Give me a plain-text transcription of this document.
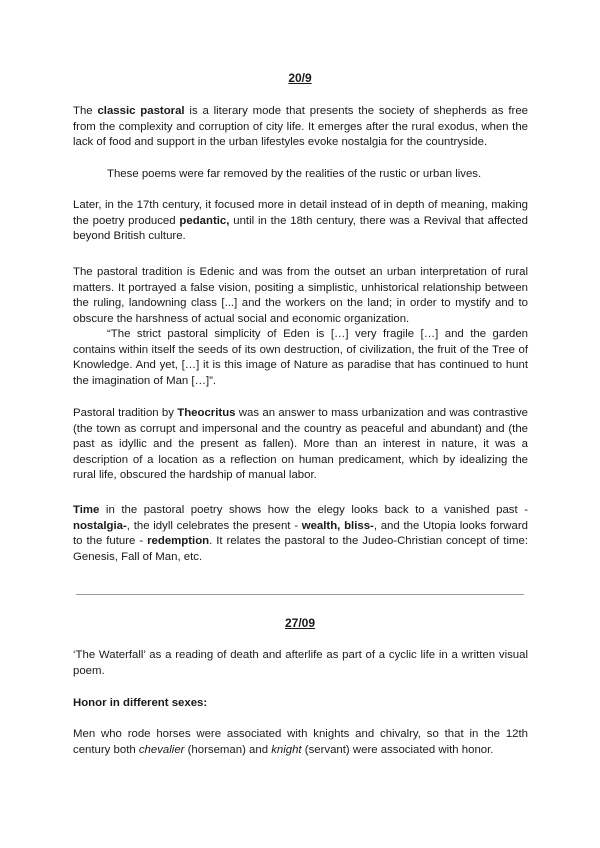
20/9

The classic pastoral is a literary mode that presents the society of shepherds as free from the complexity and corruption of city life. It emerges after the rural exodus, when the lack of food and support in the urban lifestyles evoke nostalgia for the countryside.

These poems were far removed by the realities of the rustic or urban lives.

Later, in the 17th century, it focused more in detail instead of in depth of meaning, making the poetry produced pedantic, until in the 18th century, there was a Revival that affected beyond British culture.

The pastoral tradition is Edenic and was from the outset an urban interpretation of rural matters. It portrayed a false vision, positing a simplistic, unhistorical relationship between the ruling, landowning class [...] and the workers on the land; in order to mystify and to obscure the harshness of actual social and economic organization.

“The strict pastoral simplicity of Eden is […] very fragile […] and the garden contains within itself the seeds of its own destruction, of civilization, the fruit of the Tree of Knowledge. And yet, […] it is this image of Nature as paradise that has continued to hunt the imagination of Man […]”.

Pastoral tradition by Theocritus was an answer to mass urbanization and was contrastive (the town as corrupt and impersonal and the country as peaceful and abundant) and (the past as idyllic and the present as fallen). More than an interest in nature, it was a description of a location as a reflection on human predicament, which by idealizing the rural life, obscured the hardship of manual labor.

Time in the pastoral poetry shows how the elegy looks back to a vanished past - nostalgia-, the idyll celebrates the present - wealth, bliss-, and the Utopia looks forward to the future - redemption. It relates the pastoral to the Judeo-Christian concept of time: Genesis, Fall of Man, etc.

27/09

‘The Waterfall’ as a reading of death and afterlife as part of a cyclic life in a written visual poem.

Honor in different sexes:

Men who rode horses were associated with knights and chivalry, so that in the 12th century both chevalier (horseman) and knight (servant) were associated with honor.
